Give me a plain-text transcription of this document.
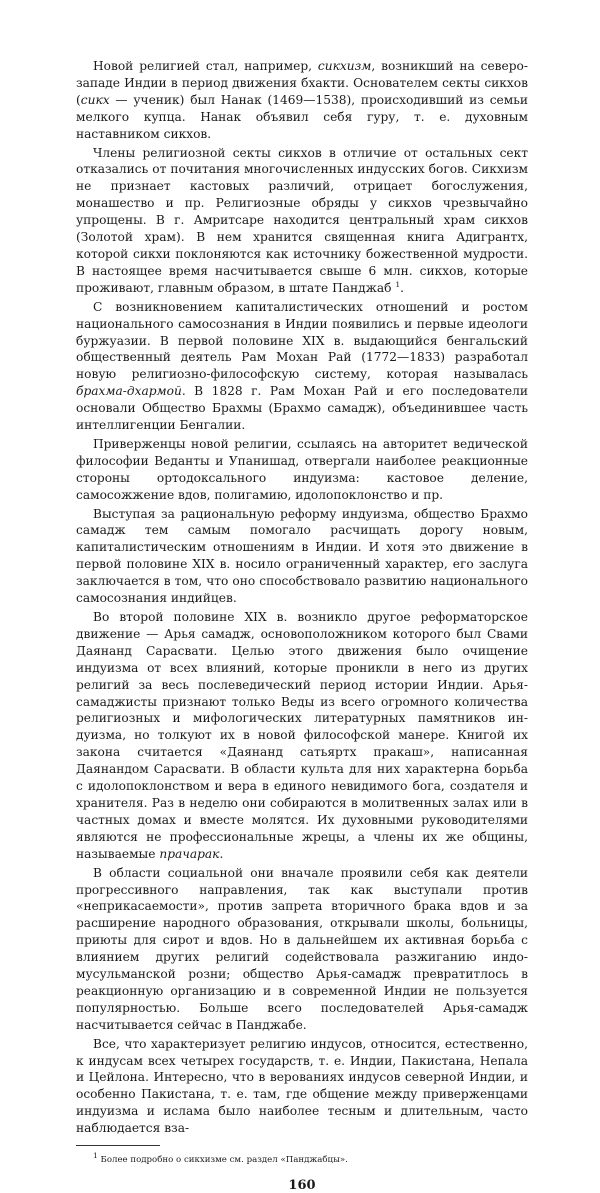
Новой религией стал, например, сикхизм, возникший на северозападе Индии в период движения бхакти. Основателем секты сикхов (сикх — ученик) был Нанак (1469—1538), происходивший из семьи мелкого купца. Нанак объявил себя гуру, т. е. духовным наставником сикхов.

Члены религиозной секты сикхов в отличие от остальных сект отказались от почитания многочисленных индусских богов. Сикхизм не признает кастовых различий, отрицает богослужения, монашество и пр. Религиозные обряды у сикхов чрезвычайно упрощены. В г. Амритсаре находится центральный храм сикхов (Золотой храм). В нем хранится священная книга Адигрантх, которой сикхи поклоняются как источнику божественной мудрости. В настоящее время насчитывается свыше 6 млн. сикхов, которые проживают, главным образом, в штате Панджаб $^1$.

С возникновением капиталистических отношений и ростом национального самосознания в Индии появились и первые идеологи буржуазии. В первой половине XIX в. выдающийся бенгальский общественный деятель Рам Мохан Рай (1772—1833) разработал новую религиозно-философскую систему, которая называлась брахма-дхармой. В 1828 г. Рам Мохан Рай и его последователи основали Общество Брахмы (Брахмо самадж), объединившее часть интеллигенции Бенгалии.

Приверженцы новой религии, ссылаясь на авторитет ведической философии Веданты и Упанишад, отвергали наиболее реакционные стороны ортодоксального индуизма: кастовое деление, самосожжение вдов, полигамию, идолопоклонство и пр.

Выступая за рациональную реформу индуизма, общество Брахмо самадж тем самым помогало расчищать дорогу новым, капиталистическим отношениям в Индии. И хотя это движение в первой половине XIX в. носило ограниченный характер, его заслуга заключается в том, что оно способствовало развитию национального самосознания индийцев.

Во второй половине XIX в. возникло другое реформаторское движение — Арья самадж, основоположником которого был Свами Даянанд Сарасвати. Целью этого движения было очищение индуизма от всех влияний, которые проникли в него из других религий за весь послеведический период истории Индии. Арья-самаджисты признают только Веды из всего огромного количества религиозных и мифологических литературных памятников индуизма, но толкуют их в новой философской манере. Книгой их закона считается «Даянанд сатьяртх пракаш», написанная Даянандом Сарасвати. В области культа для них характерна борьба с идолопоклонством и вера в единого невидимого бога, создателя и хранителя. Раз в неделю они собираются в молитвенных залах или в частных домах и вместе молятся. Их духовными руководителями являются не профессиональные жрецы, а члены их же общины, называемые прачарак.

В области социальной они вначале проявили себя как деятели прогрессивного направления, так как выступали против «неприкасаемости», против запрета вторичного брака вдов и за расширение народного образования, открывали школы, больницы, приюты для сирот и вдов. Но в дальнейшем их активная борьба с влиянием других религий содействовала разжиганию индо-мусульманской розни; общество Арья-самадж превратитлось в реакционную организацию и в современной Индии не пользуется популярностью. Больше всего последователей Арья-самадж насчитывается сейчас в Панджабе.

Все, что характеризует религию индусов, относится, естественно, к индусам всех четырех государств, т. е. Индии, Пакистана, Непала и Цейлона. Интересно, что в верованиях индусов северной Индии, и особенно Пакистана, т. е. там, где общение между приверженцами индуизма и ислама было наиболее тесным и длительным, часто наблюдается вза-

$^1$ Более подробно о сикхизме см. раздел «Панджабцы».

160
